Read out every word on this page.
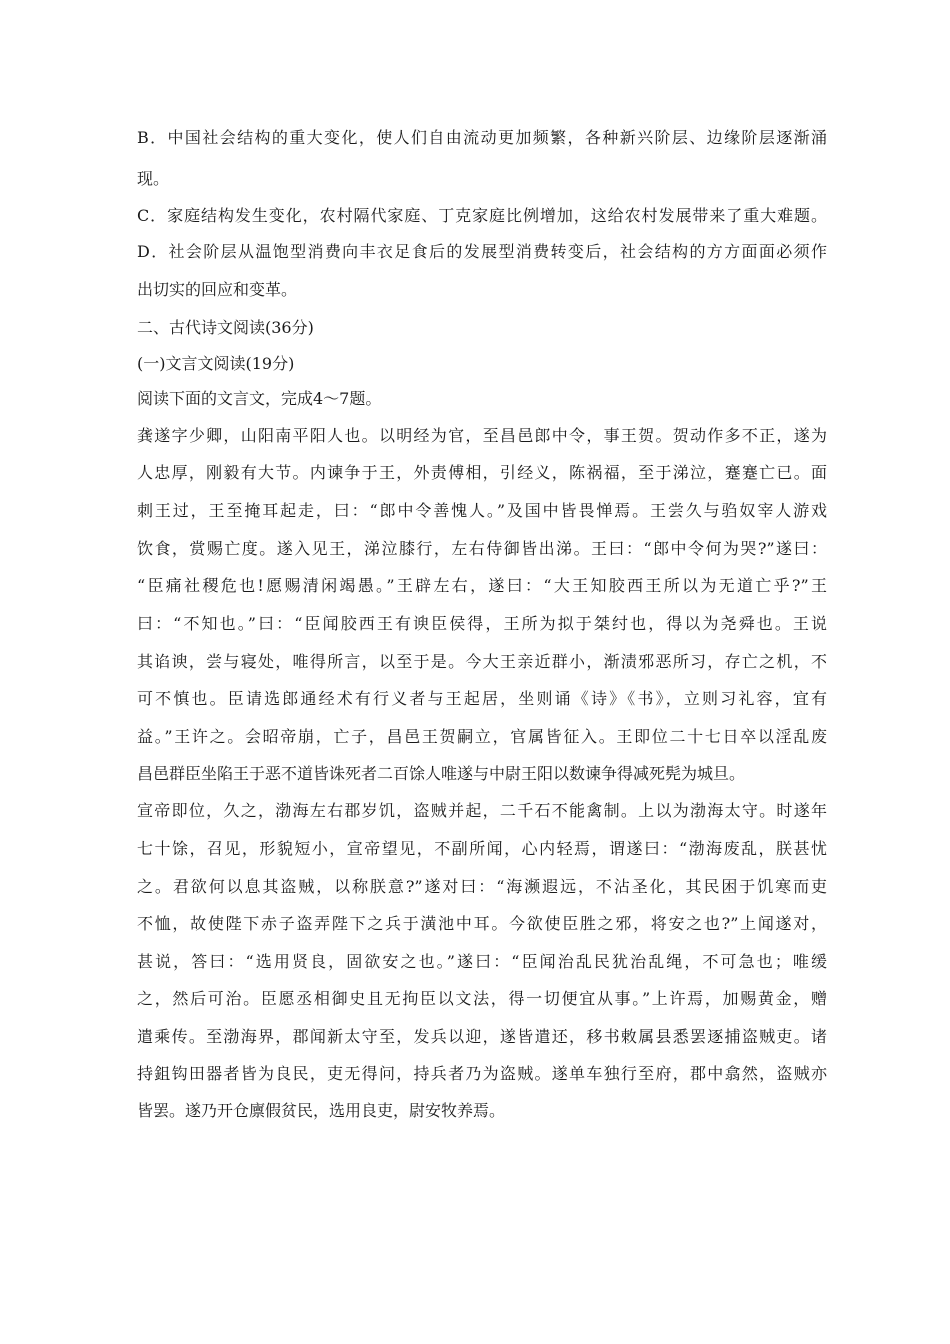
B．中国社会结构的重大变化，使人们自由流动更加频繁，各种新兴阶层、边缘阶层逐渐涌
现。
C．家庭结构发生变化，农村隔代家庭、丁克家庭比例增加，这给农村发展带来了重大难题。
D．社会阶层从温饱型消费向丰衣足食后的发展型消费转变后，社会结构的方方面面必须作
出切实的回应和变革。
二、古代诗文阅读(36分)
(一)文言文阅读(19分)
阅读下面的文言文，完成4～7题。
龚遂字少卿，山阳南平阳人也。以明经为官，至昌邑郎中令，事王贺。贺动作多不正，遂为
人忠厚，刚毅有大节。内谏争于王，外责傅相，引经义，陈祸福，至于涕泣，蹇蹇亡已。面
刺王过，王至掩耳起走，曰：“郎中令善愧人。”及国中皆畏惮焉。王尝久与驺奴宰人游戏
饮食，赏赐亡度。遂入见王，涕泣膝行，左右侍御皆出涕。王曰：“郎中令何为哭?”遂曰：
“臣痛社稷危也!愿赐清闲竭愚。”王辟左右，遂曰：“大王知胶西王所以为无道亡乎?”王
曰：“不知也。”曰：“臣闻胶西王有谀臣侯得，王所为拟于桀纣也，得以为尧舜也。王说
其谄谀，尝与寝处，唯得所言，以至于是。今大王亲近群小，渐渍邪恶所习，存亡之机，不
可不慎也。臣请选郎通经术有行义者与王起居，坐则诵《诗》《书》，立则习礼容，宜有
益。”王许之。会昭帝崩，亡子，昌邑王贺嗣立，官属皆征入。王即位二十七日卒以淫乱废
昌邑群臣坐陷王于恶不道皆诛死者二百馀人唯遂与中尉王阳以数谏争得减死髡为城旦。
宣帝即位，久之，渤海左右郡岁饥，盗贼并起，二千石不能禽制。上以为渤海太守。时遂年
七十馀，召见，形貌短小，宣帝望见，不副所闻，心内轻焉，谓遂曰：“渤海废乱，朕甚忧
之。君欲何以息其盗贼，以称朕意?”遂对曰：“海濒遐远，不沾圣化，其民困于饥寒而吏
不恤，故使陛下赤子盗弄陛下之兵于潢池中耳。今欲使臣胜之邪，将安之也?”上闻遂对，
甚说，答曰：“选用贤良，固欲安之也。”遂曰：“臣闻治乱民犹治乱绳，不可急也；唯缓
之，然后可治。臣愿丞相御史且无拘臣以文法，得一切便宜从事。”上许焉，加赐黄金，赠
遣乘传。至渤海界，郡闻新太守至，发兵以迎，遂皆遣还，移书敕属县悉罢逐捕盗贼吏。诸
持鉏钩田器者皆为良民，吏无得问，持兵者乃为盗贼。遂单车独行至府，郡中翕然，盗贼亦
皆罢。遂乃开仓廪假贫民，选用良吏，尉安牧养焉。
